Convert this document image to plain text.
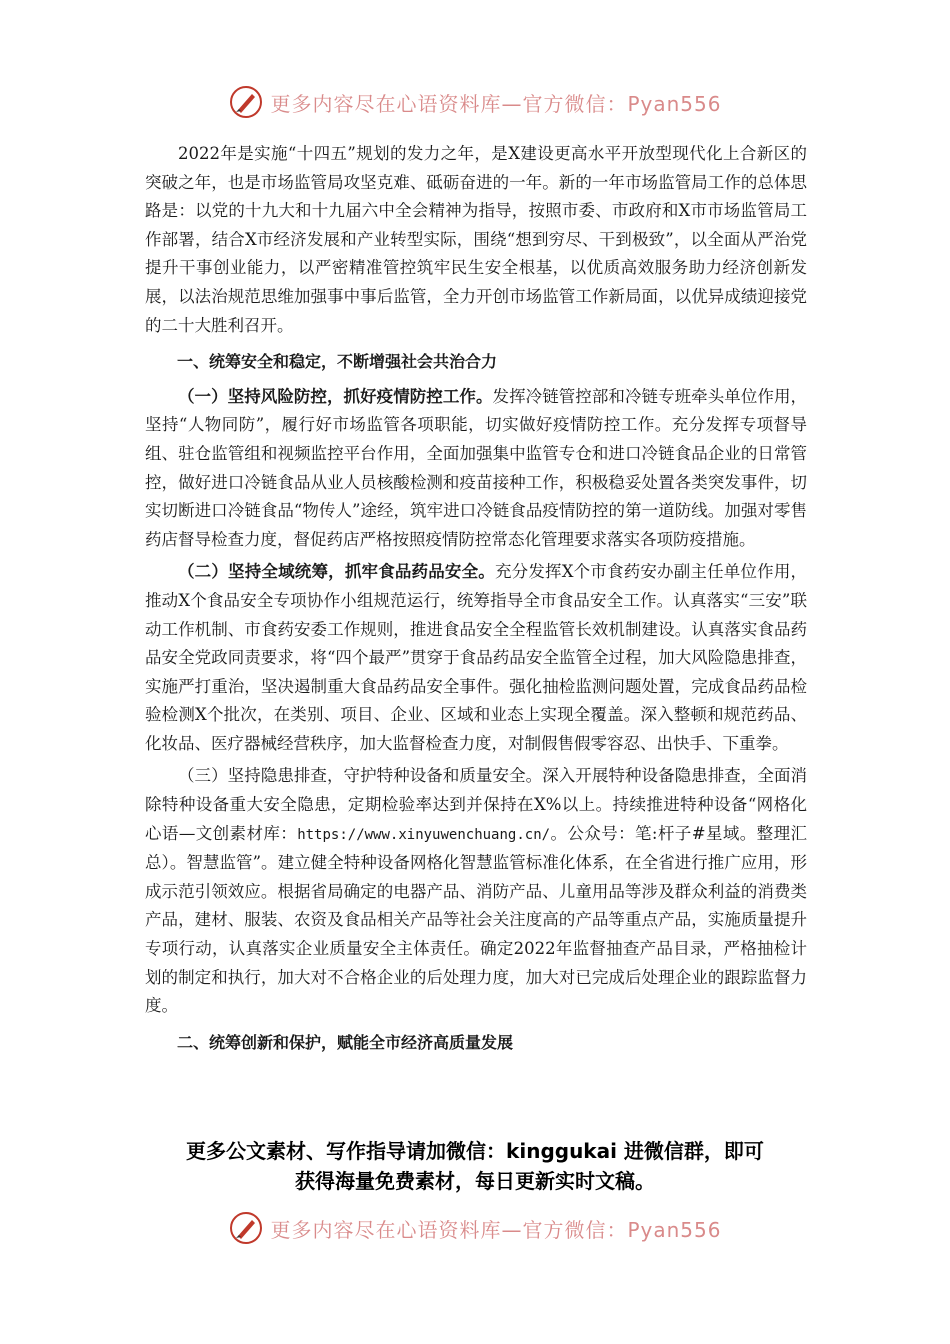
更多内容尽在心语资料库—官方微信：Pyan556

2022年是实施“十四五”规划的发力之年，是X建设更高水平开放型现代化上合新区的突破之年，也是市场监管局攻坚克难、砥砺奋进的一年。新的一年市场监管局工作的总体思路是：以党的十九大和十九届六中全会精神为指导，按照市委、市政府和X市市场监管局工作部署，结合X市经济发展和产业转型实际，围绕“想到穷尽、干到极致”，以全面从严治党提升干事创业能力，以严密精准管控筑牢民生安全根基，以优质高效服务助力经济创新发展，以法治规范思维加强事中事后监管，全力开创市场监管工作新局面，以优异成绩迎接党的二十大胜利召开。

一、统筹安全和稳定，不断增强社会共治合力

（一）坚持风险防控，抓好疫情防控工作。发挥冷链管控部和冷链专班牵头单位作用，坚持“人物同防”，履行好市场监管各项职能，切实做好疫情防控工作。充分发挥专项督导组、驻仓监管组和视频监控平台作用，全面加强集中监管专仓和进口冷链食品企业的日常管控，做好进口冷链食品从业人员核酸检测和疫苗接种工作，积极稳妥处置各类突发事件，切实切断进口冷链食品“物传人”途经，筑牢进口冷链食品疫情防控的第一道防线。加强对零售药店督导检查力度，督促药店严格按照疫情防控常态化管理要求落实各项防疫措施。

（二）坚持全域统筹，抓牢食品药品安全。充分发挥X个市食药安办副主任单位作用，推动X个食品安全专项协作小组规范运行，统筹指导全市食品安全工作。认真落实“三安”联动工作机制、市食药安委工作规则，推进食品安全全程监管长效机制建设。认真落实食品药品安全党政同责要求，将“四个最严”贯穿于食品药品安全监管全过程，加大风险隐患排查，实施严打重治，坚决遏制重大食品药品安全事件。强化抽检监测问题处置，完成食品药品检验检测X个批次，在类别、项目、企业、区域和业态上实现全覆盖。深入整顿和规范药品、化妆品、医疗器械经营秩序，加大监督检查力度，对制假售假零容忍、出快手、下重拳。

（三）坚持隐患排查，守护特种设备和质量安全。深入开展特种设备隐患排查，全面消除特种设备重大安全隐患，定期检验率达到并保持在X%以上。持续推进特种设备“网格化心语—文创素材库：https://www.xinyuwenchuang.cn/。公众号：笔:杆子#星域。整理汇总）。智慧监管”。建立健全特种设备网格化智慧监管标准化体系，在全省进行推广应用，形成示范引领效应。根据省局确定的电器产品、消防产品、儿童用品等涉及群众利益的消费类产品，建材、服装、农资及食品相关产品等社会关注度高的产品等重点产品，实施质量提升专项行动，认真落实企业质量安全主体责任。确定2022年监督抽查产品目录，严格抽检计划的制定和执行，加大对不合格企业的后处理力度，加大对已完成后处理企业的跟踪监督力度。

二、统筹创新和保护，赋能全市经济高质量发展

更多公文素材、写作指导请加微信：kinggukai 进微信群，即可
获得海量免费素材，每日更新实时文稿。
更多内容尽在心语资料库—官方微信：Pyan556
